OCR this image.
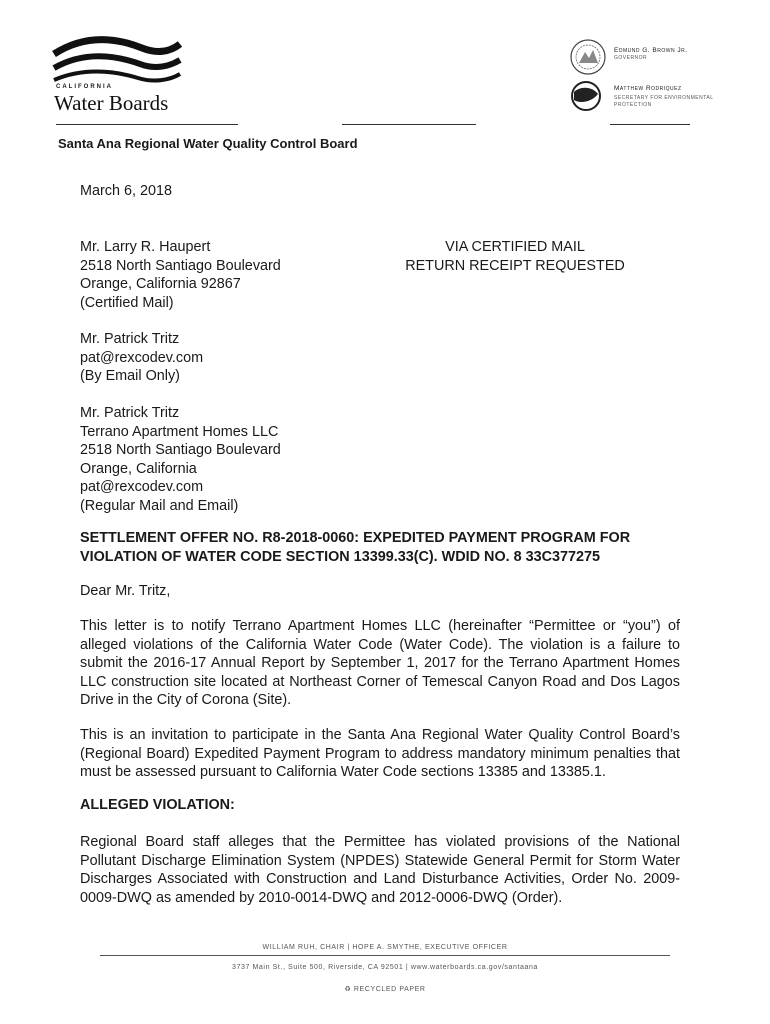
CALIFORNIA
Water Boards
Edmund G. Brown Jr.
GOVERNOR
Matthew Rodriquez
SECRETARY FOR ENVIRONMENTAL PROTECTION
Santa Ana Regional Water Quality Control Board
March 6, 2018
VIA CERTIFIED MAIL
RETURN RECEIPT REQUESTED
Mr. Larry R. Haupert
2518 North Santiago Boulevard
Orange, California 92867
(Certified Mail)
Mr. Patrick Tritz
pat@rexcodev.com
(By Email Only)
Mr. Patrick Tritz
Terrano Apartment Homes LLC
2518 North Santiago Boulevard
Orange, California
pat@rexcodev.com
(Regular Mail and Email)
SETTLEMENT OFFER NO. R8-2018-0060: EXPEDITED PAYMENT PROGRAM FOR
VIOLATION OF WATER CODE SECTION 13399.33(C). WDID NO. 8 33C377275
Dear Mr. Tritz,
This letter is to notify Terrano Apartment Homes LLC (hereinafter “Permittee or “you”) of alleged violations of the California Water Code (Water Code). The violation is a failure to submit the 2016-17 Annual Report by September 1, 2017 for the Terrano Apartment Homes LLC construction site located at Northeast Corner of Temescal Canyon Road and Dos Lagos Drive in the City of Corona (Site).
This is an invitation to participate in the Santa Ana Regional Water Quality Control Board’s (Regional Board) Expedited Payment Program to address mandatory minimum penalties that must be assessed pursuant to California Water Code sections 13385 and 13385.1.
ALLEGED VIOLATION:
Regional Board staff alleges that the Permittee has violated provisions of the National Pollutant Discharge Elimination System (NPDES) Statewide General Permit for Storm Water Discharges Associated with Construction and Land Disturbance Activities, Order No. 2009-0009-DWQ as amended by 2010-0014-DWQ and 2012-0006-DWQ (Order).
WILLIAM RUH, CHAIR | HOPE A. SMYTHE, EXECUTIVE OFFICER
3737 Main St., Suite 500, Riverside, CA 92501 | www.waterboards.ca.gov/santaana
♻ RECYCLED PAPER
